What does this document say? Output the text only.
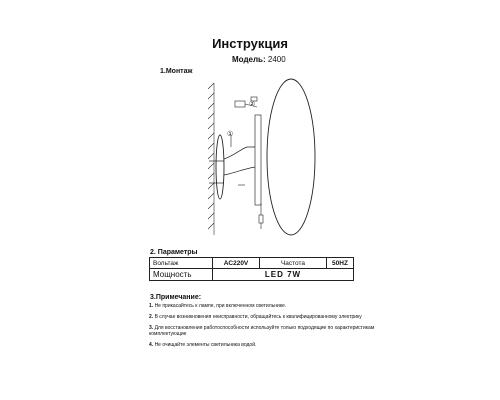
Инструкция
Модель: 2400
1.Монтаж
②
①
2. Параметры
Вольтаж	AC220V	Частота	50HZ
Мощность	LED 7W		
3.Примечание:
1. Не прикасайтесь к лампе, при включенном светильнике.
2. В случае возникновения неисправности, обращайтесь к квалифицированному электрику
3. Для восстановления работоспособности используйте только подходящие по характеристикам комплектующие
4. Не очищайте элементы светильника водой.
